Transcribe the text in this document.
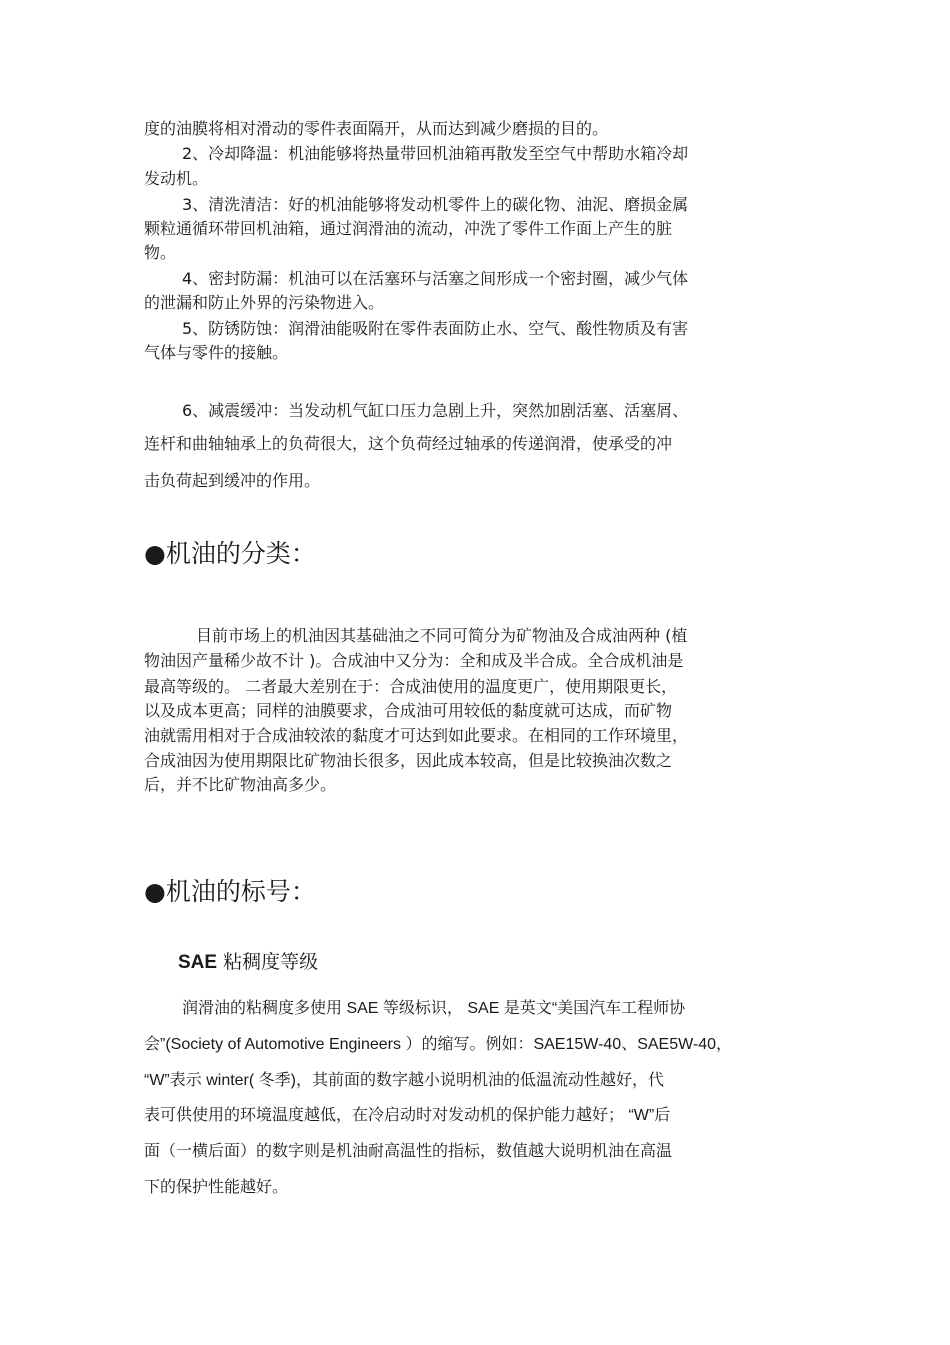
度的油膜将相对滑动的零件表面隔开，从而达到减少磨损的目的。

2、冷却降温：机油能够将热量带回机油箱再散发至空气中帮助水箱冷却

发动机。

3、清洗清洁：好的机油能够将发动机零件上的碳化物、油泥、磨损金属

颗粒通循环带回机油箱，通过润滑油的流动，冲洗了零件工作面上产生的脏

物。

4、密封防漏：机油可以在活塞环与活塞之间形成一个密封圈，减少气体

的泄漏和防止外界的污染物进入。

5、防锈防蚀：润滑油能吸附在零件表面防止水、空气、酸性物质及有害

气体与零件的接触。

6、减震缓冲：当发动机气缸口压力急剧上升，突然加剧活塞、活塞屑、

连杆和曲轴轴承上的负荷很大，这个负荷经过轴承的传递润滑，使承受的冲

击负荷起到缓冲的作用。

●机油的分类：

目前市场上的机油因其基础油之不同可简分为矿物油及合成油两种 (植

物油因产量稀少故不计 )。合成油中又分为：全和成及半合成。全合成机油是

最高等级的。 二者最大差别在于：合成油使用的温度更广，使用期限更长，

以及成本更高；同样的油膜要求，合成油可用较低的黏度就可达成，而矿物

油就需用相对于合成油较浓的黏度才可达到如此要求。在相同的工作环境里，

合成油因为使用期限比矿物油长很多，因此成本较高，但是比较换油次数之

后，并不比矿物油高多少。

●机油的标号：

SAE 粘稠度等级

润滑油的粘稠度多使用 SAE 等级标识， SAE 是英文“美国汽车工程师协

会”(Society of Automotive Engineers ）的缩写。例如：SAE15W-40、SAE5W-40，

“W”表示 winter( 冬季)，其前面的数字越小说明机油的低温流动性越好，代

表可供使用的环境温度越低，在冷启动时对发动机的保护能力越好； “W”后

面（一横后面）的数字则是机油耐高温性的指标，数值越大说明机油在高温

下的保护性能越好。
